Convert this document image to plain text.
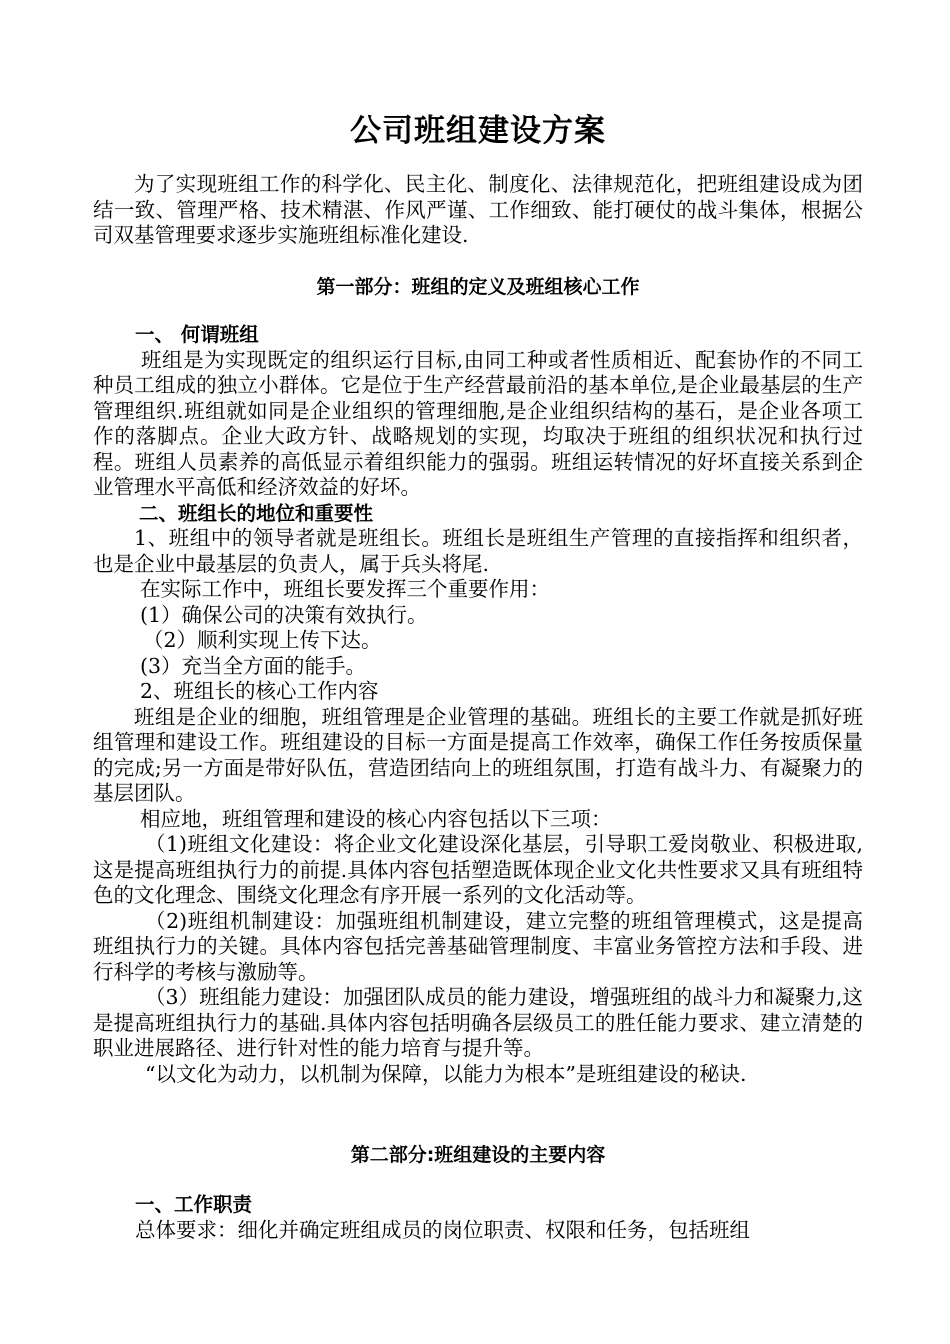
公司班组建设方案
为了实现班组工作的科学化、民主化、制度化、法律规范化，把班组建设成为团结一致、管理严格、技术精湛、作风严谨、工作细致、能打硬仗的战斗集体，根据公司双基管理要求逐步实施班组标准化建设.
第一部分：班组的定义及班组核心工作
一、 何谓班组
班组是为实现既定的组织运行目标,由同工种或者性质相近、配套协作的不同工种员工组成的独立小群体。它是位于生产经营最前沿的基本单位,是企业最基层的生产管理组织.班组就如同是企业组织的管理细胞,是企业组织结构的基石，是企业各项工作的落脚点。企业大政方针、战略规划的实现，均取决于班组的组织状况和执行过程。班组人员素养的高低显示着组织能力的强弱。班组运转情况的好坏直接关系到企业管理水平高低和经济效益的好坏。
二、班组长的地位和重要性
1、班组中的领导者就是班组长。班组长是班组生产管理的直接指挥和组织者，也是企业中最基层的负责人，属于兵头将尾.
在实际工作中，班组长要发挥三个重要作用：
(1）确保公司的决策有效执行。
（2）顺利实现上传下达。
(3）充当全方面的能手。
2、班组长的核心工作内容
班组是企业的细胞，班组管理是企业管理的基础。班组长的主要工作就是抓好班组管理和建设工作。班组建设的目标一方面是提高工作效率，确保工作任务按质保量的完成;另一方面是带好队伍，营造团结向上的班组氛围，打造有战斗力、有凝聚力的基层团队。
相应地，班组管理和建设的核心内容包括以下三项：
（1)班组文化建设：将企业文化建设深化基层，引导职工爱岗敬业、积极进取,这是提高班组执行力的前提.具体内容包括塑造既体现企业文化共性要求又具有班组特色的文化理念、围绕文化理念有序开展一系列的文化活动等。
（2)班组机制建设：加强班组机制建设，建立完整的班组管理模式，这是提高班组执行力的关键。具体内容包括完善基础管理制度、丰富业务管控方法和手段、进行科学的考核与激励等。
（3）班组能力建设：加强团队成员的能力建设，增强班组的战斗力和凝聚力,这是提高班组执行力的基础.具体内容包括明确各层级员工的胜任能力要求、建立清楚的职业进展路径、进行针对性的能力培育与提升等。
“以文化为动力，以机制为保障，以能力为根本”是班组建设的秘诀.
第二部分:班组建设的主要内容
一、工作职责
总体要求：细化并确定班组成员的岗位职责、权限和任务，包括班组
